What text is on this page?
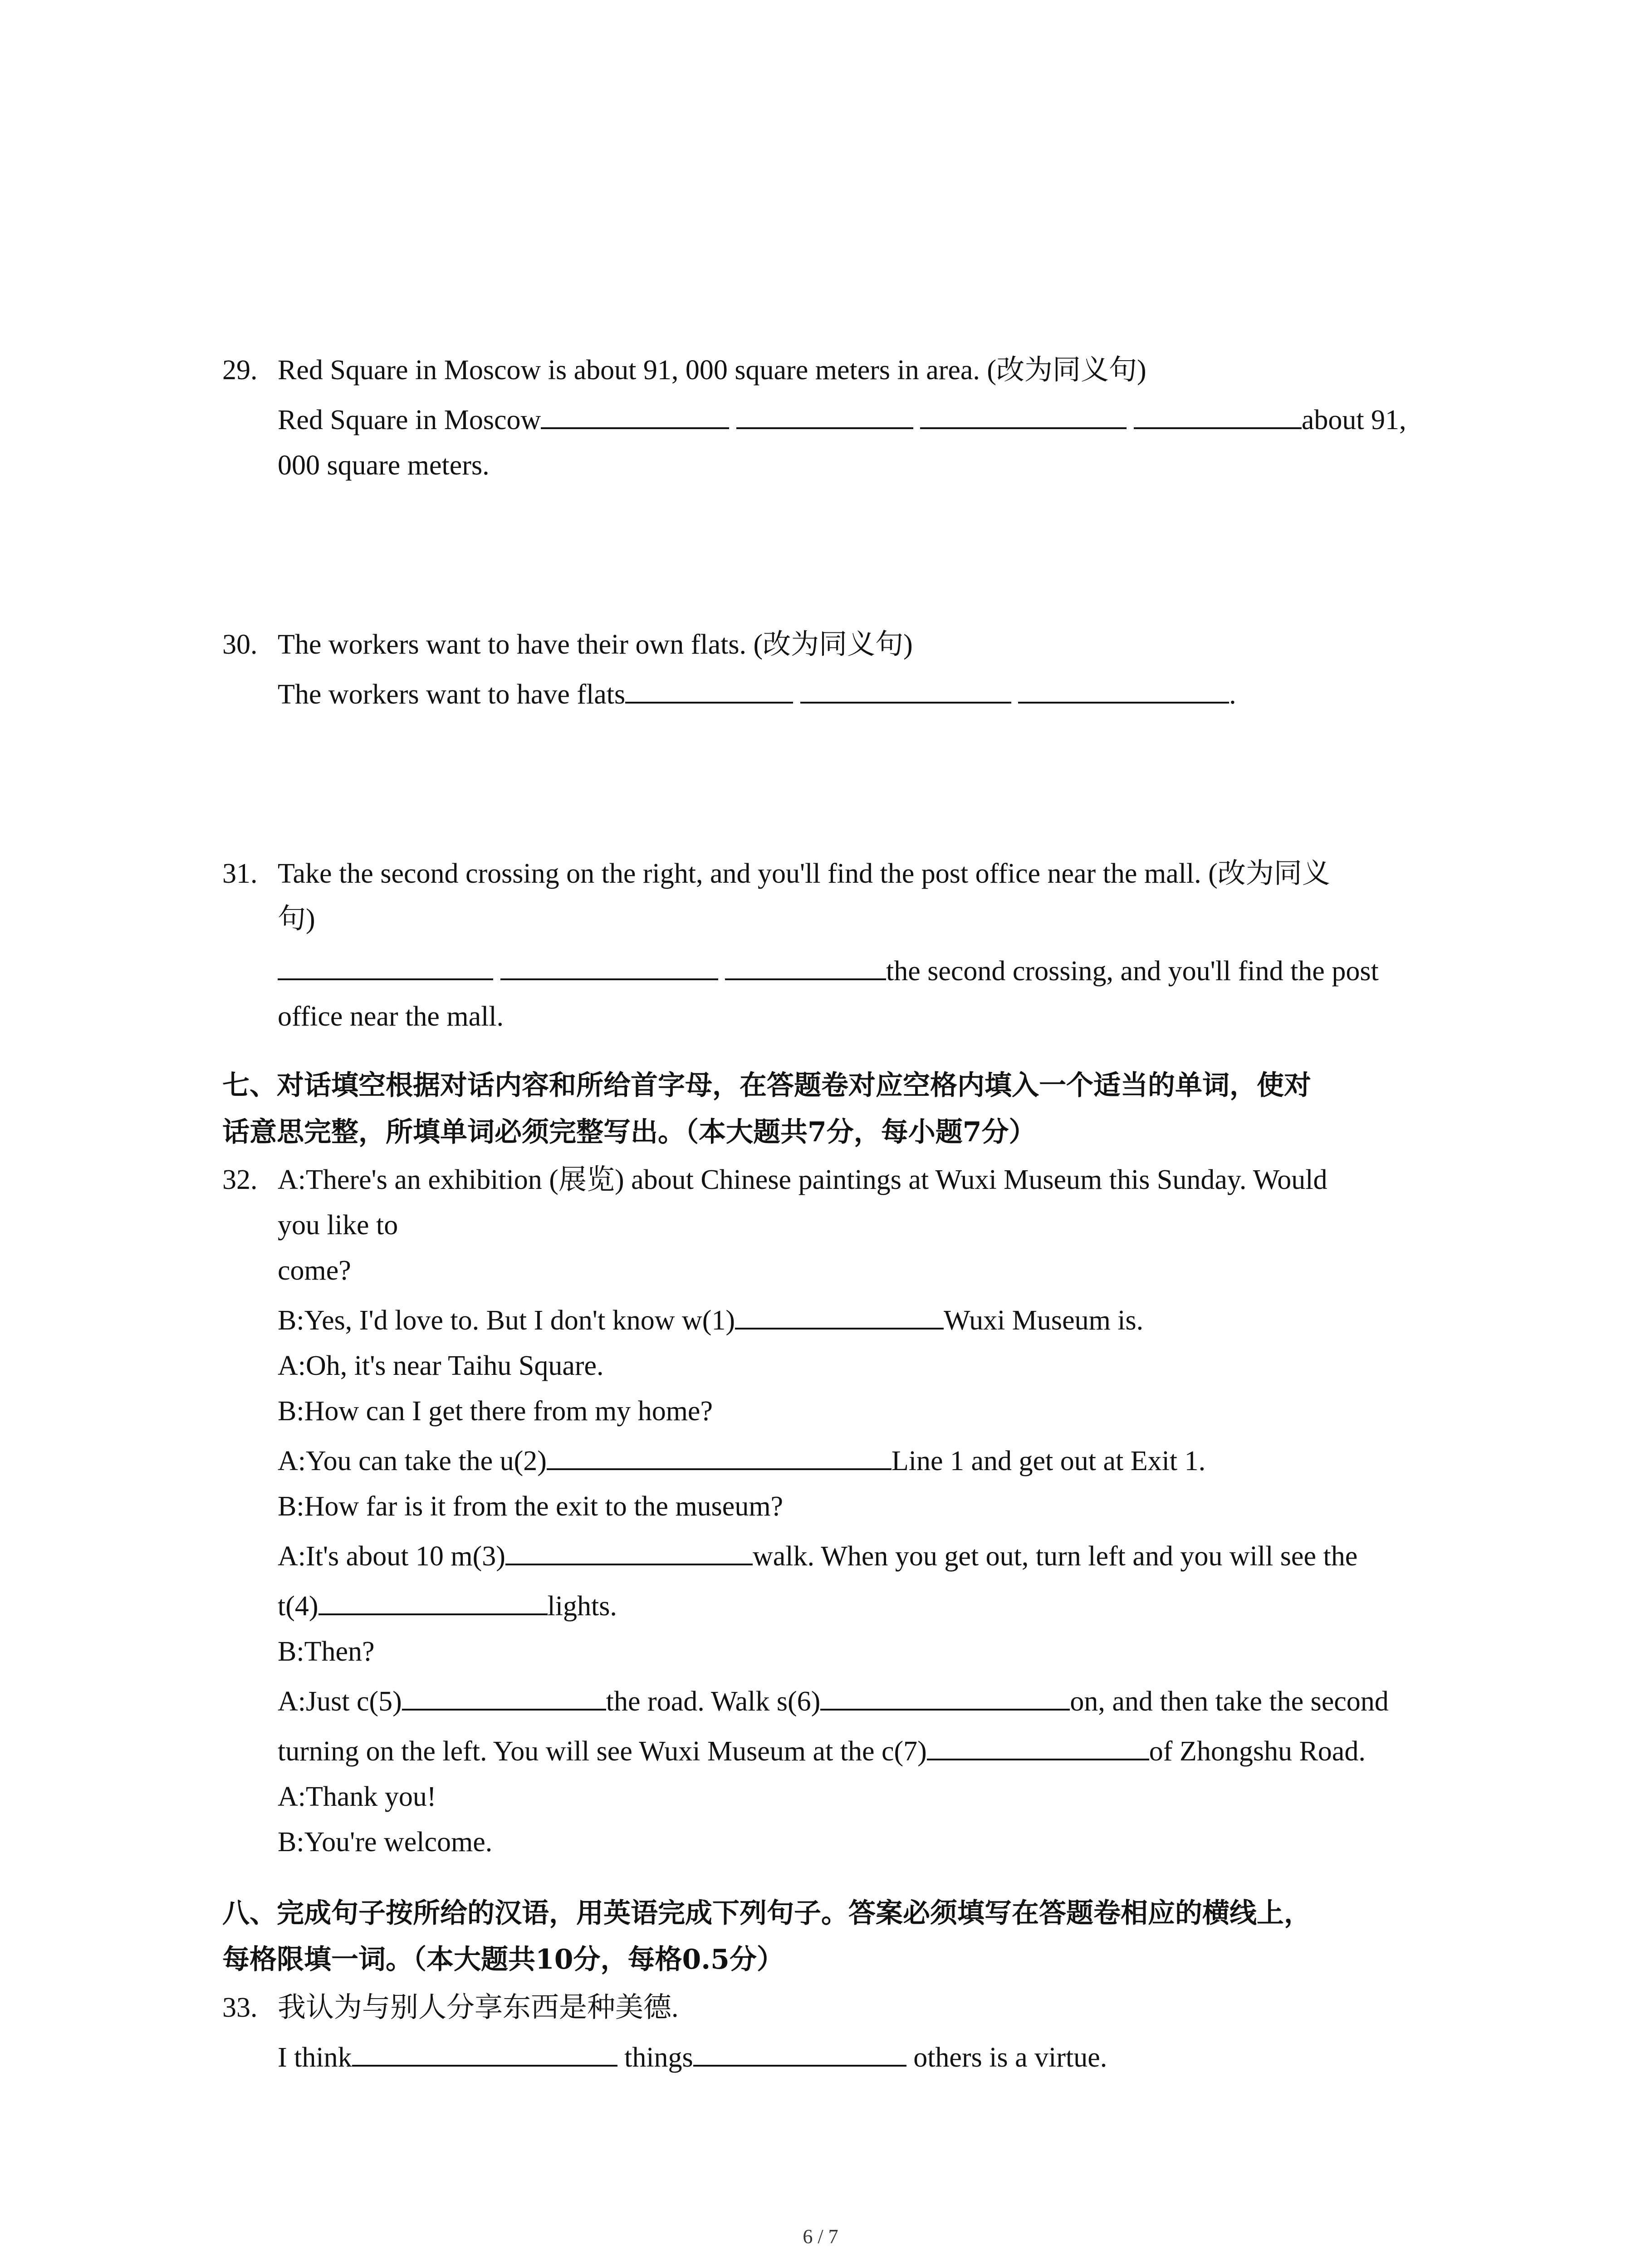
29. Red Square in Moscow is about 91, 000 square meters in area. (改为同义句)
Red Square in Moscow	about 91,
000 square meters.
30. The workers want to have their own flats. (改为同义句)
The workers want to have flats	.
31. Take the second crossing on the right, and you'll find the post office near the mall. (改为同义
句)
the second crossing, and you'll find the post
office near the mall.
七、对话填空根据对话内容和所给首字母，在答题卷对应空格内填入一个适当的单词，使对
话意思完整，所填单词必须完整写出。（本大题共7分，每小题7分）
32. A:There's an exhibition (展览) about Chinese paintings at Wuxi Museum this Sunday. Would
you like to
come?
B:Yes, I'd love to. But I don't know w(1)	Wuxi Museum is.
A:Oh, it's near Taihu Square.
B:How can I get there from my home?
A:You can take the u(2)	Line 1 and get out at Exit 1.
B:How far is it from the exit to the museum?
A:It's about 10 m(3)	walk. When you get out, turn left and you will see the
t(4)	lights.
B:Then?
A:Just c(5)	the road. Walk s(6)	on, and then take the second
turning on the left. You will see Wuxi Museum at the c(7)	of Zhongshu Road.
A:Thank you!
B:You're welcome.
八、完成句子按所给的汉语，用英语完成下列句子。答案必须填写在答题卷相应的横线上，
每格限填一词。（本大题共10分，每格0.5分）
33. 我认为与别人分享东西是种美德.
I think	things	others is a virtue.
6 / 7
